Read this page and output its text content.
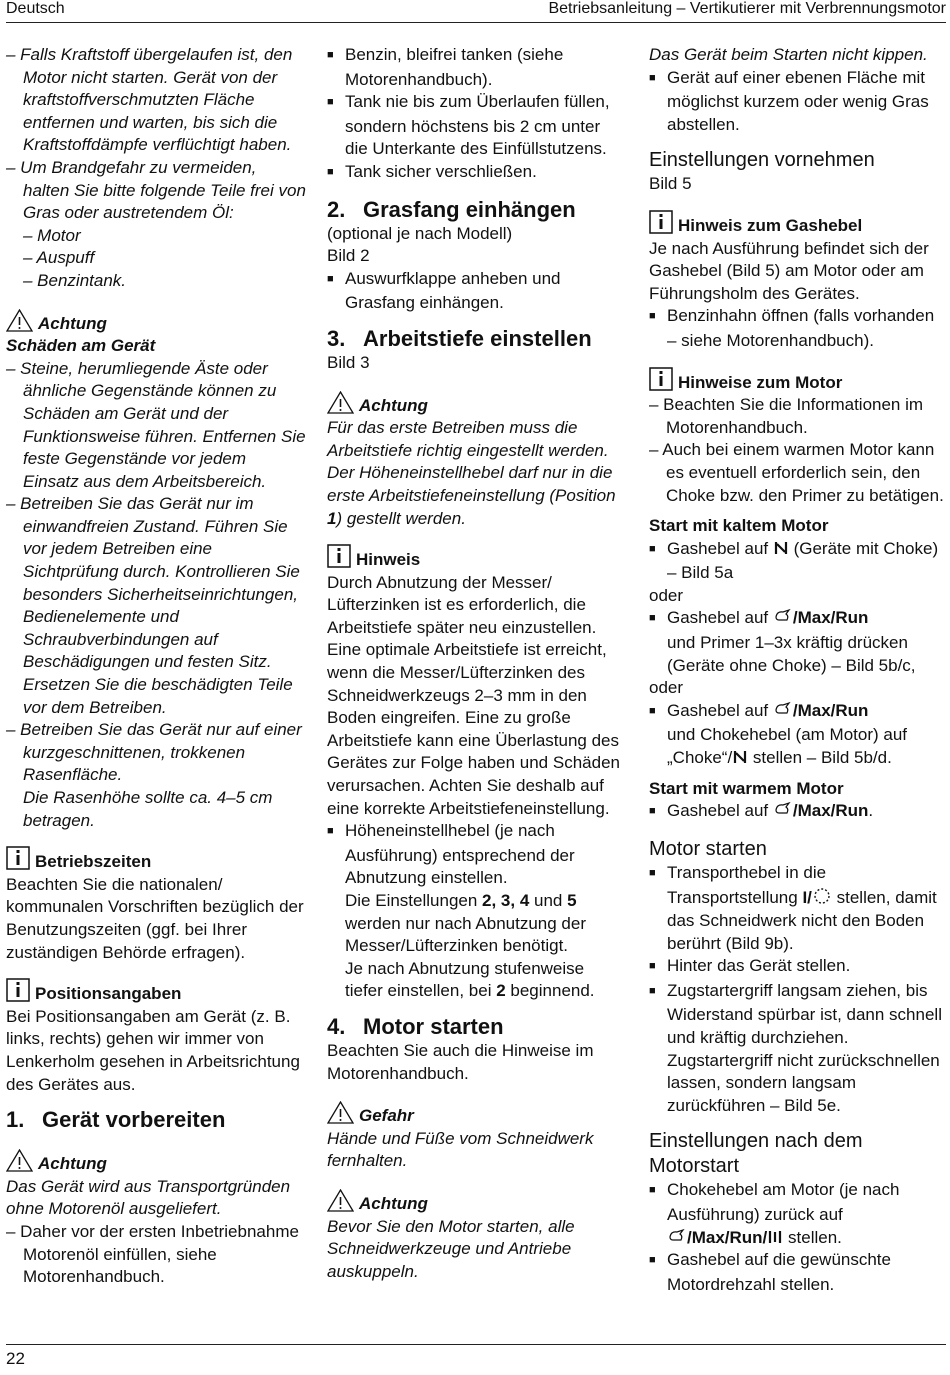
Deutsch	Betriebsanleitung – Vertikutierer mit Verbrennungsmotor

– Falls Kraftstoff übergelaufen ist, den Motor nicht starten. Gerät von der kraftstoffverschmutzten Fläche entfernen und warten, bis sich die Kraftstoffdämpfe verflüchtigt haben.

– Um Brandgefahr zu vermeiden, halten Sie bitte folgende Teile frei von Gras oder austretendem Öl:

– Motor

– Auspuff

– Benzintank.

Achtung

Schäden am Gerät

– Steine, herumliegende Äste oder ähnliche Gegenstände können zu Schäden am Gerät und der Funktionsweise führen. Entfernen Sie feste Gegenstände vor jedem Einsatz aus dem Arbeitsbereich.

– Betreiben Sie das Gerät nur im einwandfreien Zustand. Führen Sie vor jedem Betreiben eine Sichtprüfung durch. Kontrollieren Sie besonders Sicherheitseinrichtungen, Bedienelemente und Schraubverbindungen auf Beschädigungen und festen Sitz. Ersetzen Sie die beschädigten Teile vor dem Betreiben.

– Betreiben Sie das Gerät nur auf einer kurzgeschnittenen, trokkenen Rasenfläche.

Die Rasenhöhe sollte ca. 4–5 cm betragen.

Betriebszeiten

Beachten Sie die nationalen/ kommunalen Vorschriften bezüglich der Benutzungszeiten (ggf. bei Ihrer zuständigen Behörde erfragen).

Positionsangaben

Bei Positionsangaben am Gerät (z. B. links, rechts) gehen wir immer von Lenkerholm gesehen in Arbeitsrichtung des Gerätes aus.

1. Gerät vorbereiten

Achtung

Das Gerät wird aus Transportgründen ohne Motorenöl ausgeliefert.

– Daher vor der ersten Inbetriebnahme Motorenöl einfüllen, siehe Motorenhandbuch.

■ Benzin, bleifrei tanken (siehe Motorenhandbuch).

■ Tank nie bis zum Überlaufen füllen, sondern höchstens bis 2 cm unter die Unterkante des Einfüllstutzens.

■ Tank sicher verschließen.

2. Grasfang einhängen

(optional je nach Modell)

Bild 2

■ Auswurfklappe anheben und Grasfang einhängen.

3. Arbeitstiefe einstellen

Bild 3

Achtung

Für das erste Betreiben muss die Arbeitstiefe richtig eingestellt werden. Der Höheneinstellhebel darf nur in die erste Arbeitstiefeneinstellung (Position 1) gestellt werden.

Hinweis

Durch Abnutzung der Messer/ Lüfterzinken ist es erforderlich, die Arbeitstiefe später neu einzustellen. Eine optimale Arbeitstiefe ist erreicht, wenn die Messer/Lüfterzinken des Schneidwerkzeugs 2–3 mm in den Boden eingreifen. Eine zu große Arbeitstiefe kann eine Überlastung des Gerätes zur Folge haben und Schäden verursachen. Achten Sie deshalb auf eine korrekte Arbeitstiefeneinstellung.

■ Höheneinstellhebel (je nach Ausführung) entsprechend der Abnutzung einstellen.

Die Einstellungen 2, 3, 4 und 5 werden nur nach Abnutzung der Messer/Lüfterzinken benötigt.

Je nach Abnutzung stufenweise tiefer einstellen, bei 2 beginnend.

4. Motor starten

Beachten Sie auch die Hinweise im Motorenhandbuch.

Gefahr

Hände und Füße vom Schneidwerk fernhalten.

Achtung

Bevor Sie den Motor starten, alle Schneidwerkzeuge und Antriebe auskuppeln.

Das Gerät beim Starten nicht kippen.

■ Gerät auf einer ebenen Fläche mit möglichst kurzem oder wenig Gras abstellen.

Einstellungen vornehmen

Bild 5

Hinweis zum Gashebel

Je nach Ausführung befindet sich der Gashebel (Bild 5) am Motor oder am Führungsholm des Gerätes.

■ Benzinhahn öffnen (falls vorhanden – siehe Motorenhandbuch).

Hinweise zum Motor

– Beachten Sie die Informationen im Motorenhandbuch.

– Auch bei einem warmen Motor kann es eventuell erforderlich sein, den Choke bzw. den Primer zu betätigen.

Start mit kaltem Motor

■ Gashebel auf  (Geräte mit Choke) – Bild 5a

oder

■ Gashebel auf /Max/Run
und Primer 1–3x kräftig drücken (Geräte ohne Choke) – Bild 5b/c,

oder

■ Gashebel auf /Max/Run
und Chokehebel (am Motor) auf „Choke“/ stellen – Bild 5b/d.

Start mit warmem Motor

■ Gashebel auf /Max/Run.

Motor starten

■ Transporthebel in die Transportstellung I/ stellen, damit das Schneidwerk nicht den Boden berührt (Bild 9b).

■ Hinter das Gerät stellen.

■ Zugstartergriff langsam ziehen, bis Widerstand spürbar ist, dann schnell und kräftig durchziehen. Zugstartergriff nicht zurückschnellen lassen, sondern langsam zurückführen – Bild 5e.

Einstellungen nach dem Motorstart

■ Chokehebel am Motor (je nach Ausführung) zurück auf
/Max/Run/ stellen.

■ Gashebel auf die gewünschte Motordrehzahl stellen.

22
